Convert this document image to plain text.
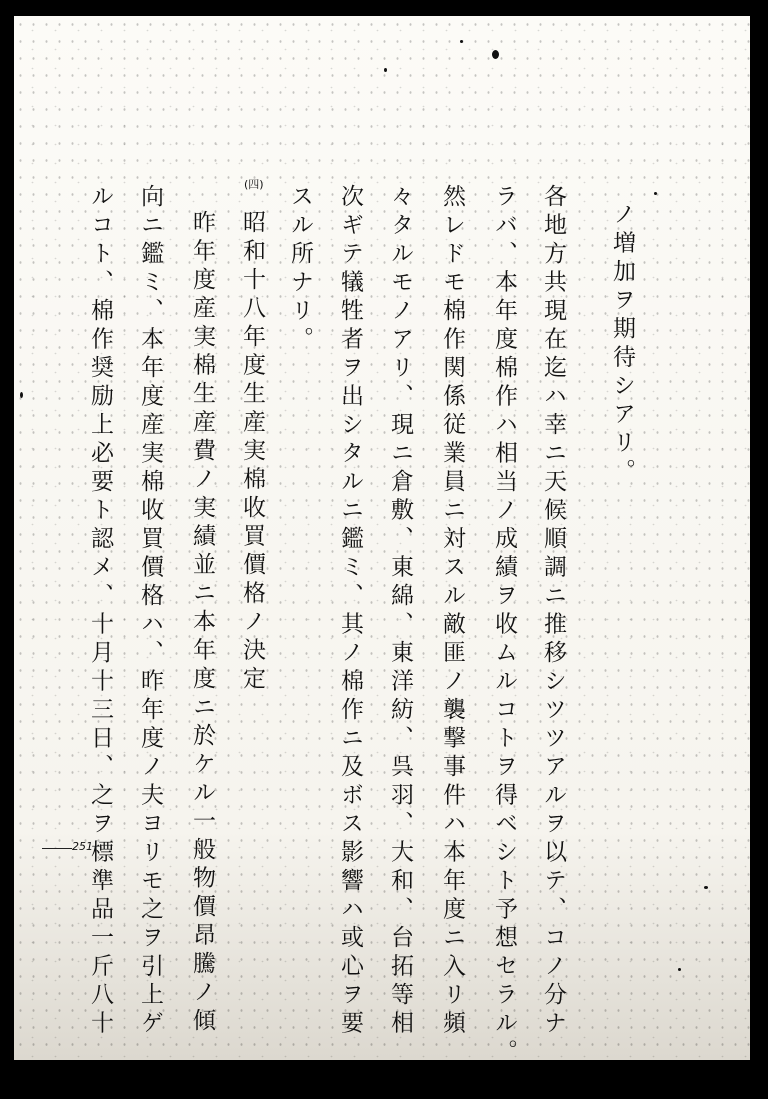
ノ増加ヲ期待シアリ。
各地方共現在迄ハ幸ニ天候順調ニ推移シツツアルヲ以テ、コノ分ナ
ラバ、本年度棉作ハ相当ノ成績ヲ收ムルコトヲ得ベシト予想セラル。
然レドモ棉作関係従業員ニ対スル敵匪ノ襲撃事件ハ本年度ニ入リ頻
々タルモノアリ、現ニ倉敷、東綿、東洋紡、呉羽、大和、台拓等相
次ギテ犠牲者ヲ出シタルニ鑑ミ、其ノ棉作ニ及ボス影響ハ或心ヲ要
スル所ナリ。
昭和十八年度生産実棉收買價格ノ決定
昨年度産実棉生産費ノ実績並ニ本年度ニ於ケル一般物價昂騰ノ傾
向ニ鑑ミ、本年度産実棉收買價格ハ、昨年度ノ夫ヨリモ之ヲ引上ゲ
ルコト、棉作奨励上必要ト認メ、十月十三日、之ヲ標準品一斤八十	(四)
251
